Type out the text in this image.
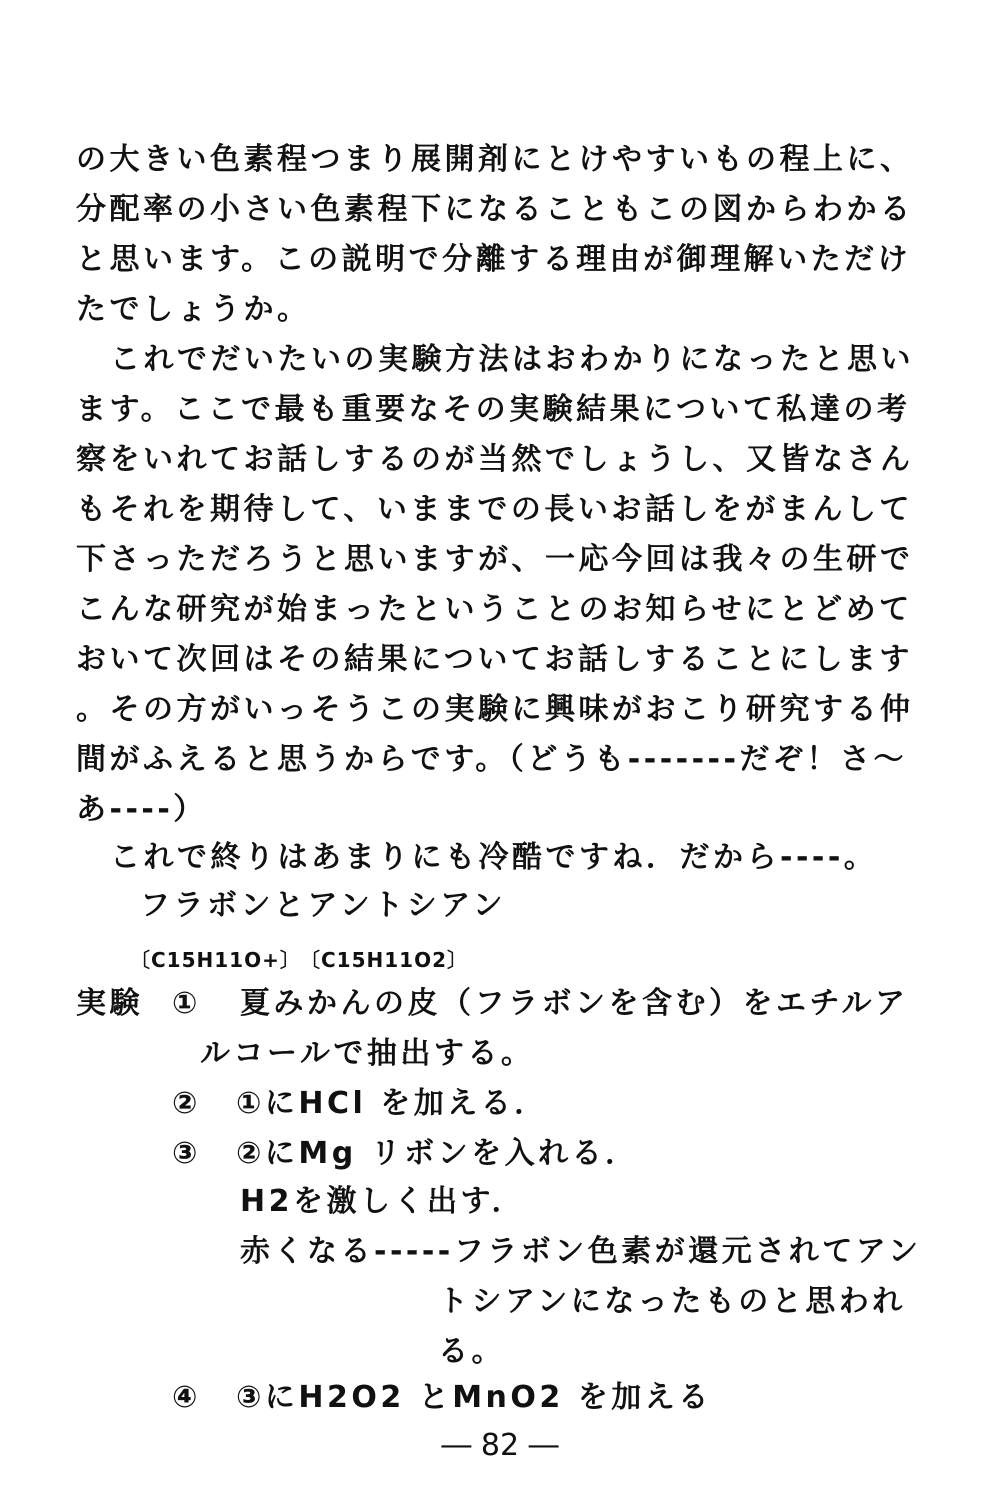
の大きい色素程つまり展開剤にとけやすいもの程上に、
分配率の小さい色素程下になることもこの図からわかる
と思います。この説明で分離する理由が御理解いただけ
たでしょうか。
これでだいたいの実験方法はおわかりになったと思い
ます。ここで最も重要なその実験結果について私達の考
察をいれてお話しするのが当然でしょうし、又皆なさん
もそれを期待して、いままでの長いお話しをがまんして
下さっただろうと思いますが、一応今回は我々の生研で
こんな研究が始まったということのお知らせにとどめて
おいて次回はその結果についてお話しすることにします
。その方がいっそうこの実験に興味がおこり研究する仲
間がふえると思うからです。（どうも-------だぞ！さ～
あ----）
これで終りはあまりにも冷酷ですね．だから----。
フラボンとアントシアン
〔C15H11O+〕 〔C15H11O2〕
実験 ① 夏みかんの皮（フラボンを含む）をエチルア
ルコールで抽出する。
② ①にHCl を加える．
③ ②にMg リボンを入れる．
H2を激しく出す．
赤くなる-----フラボン色素が還元されてアン
トシアンになったものと思われ
る。
④ ③にH2O2 とMnO2 を加える
― 82 ―
